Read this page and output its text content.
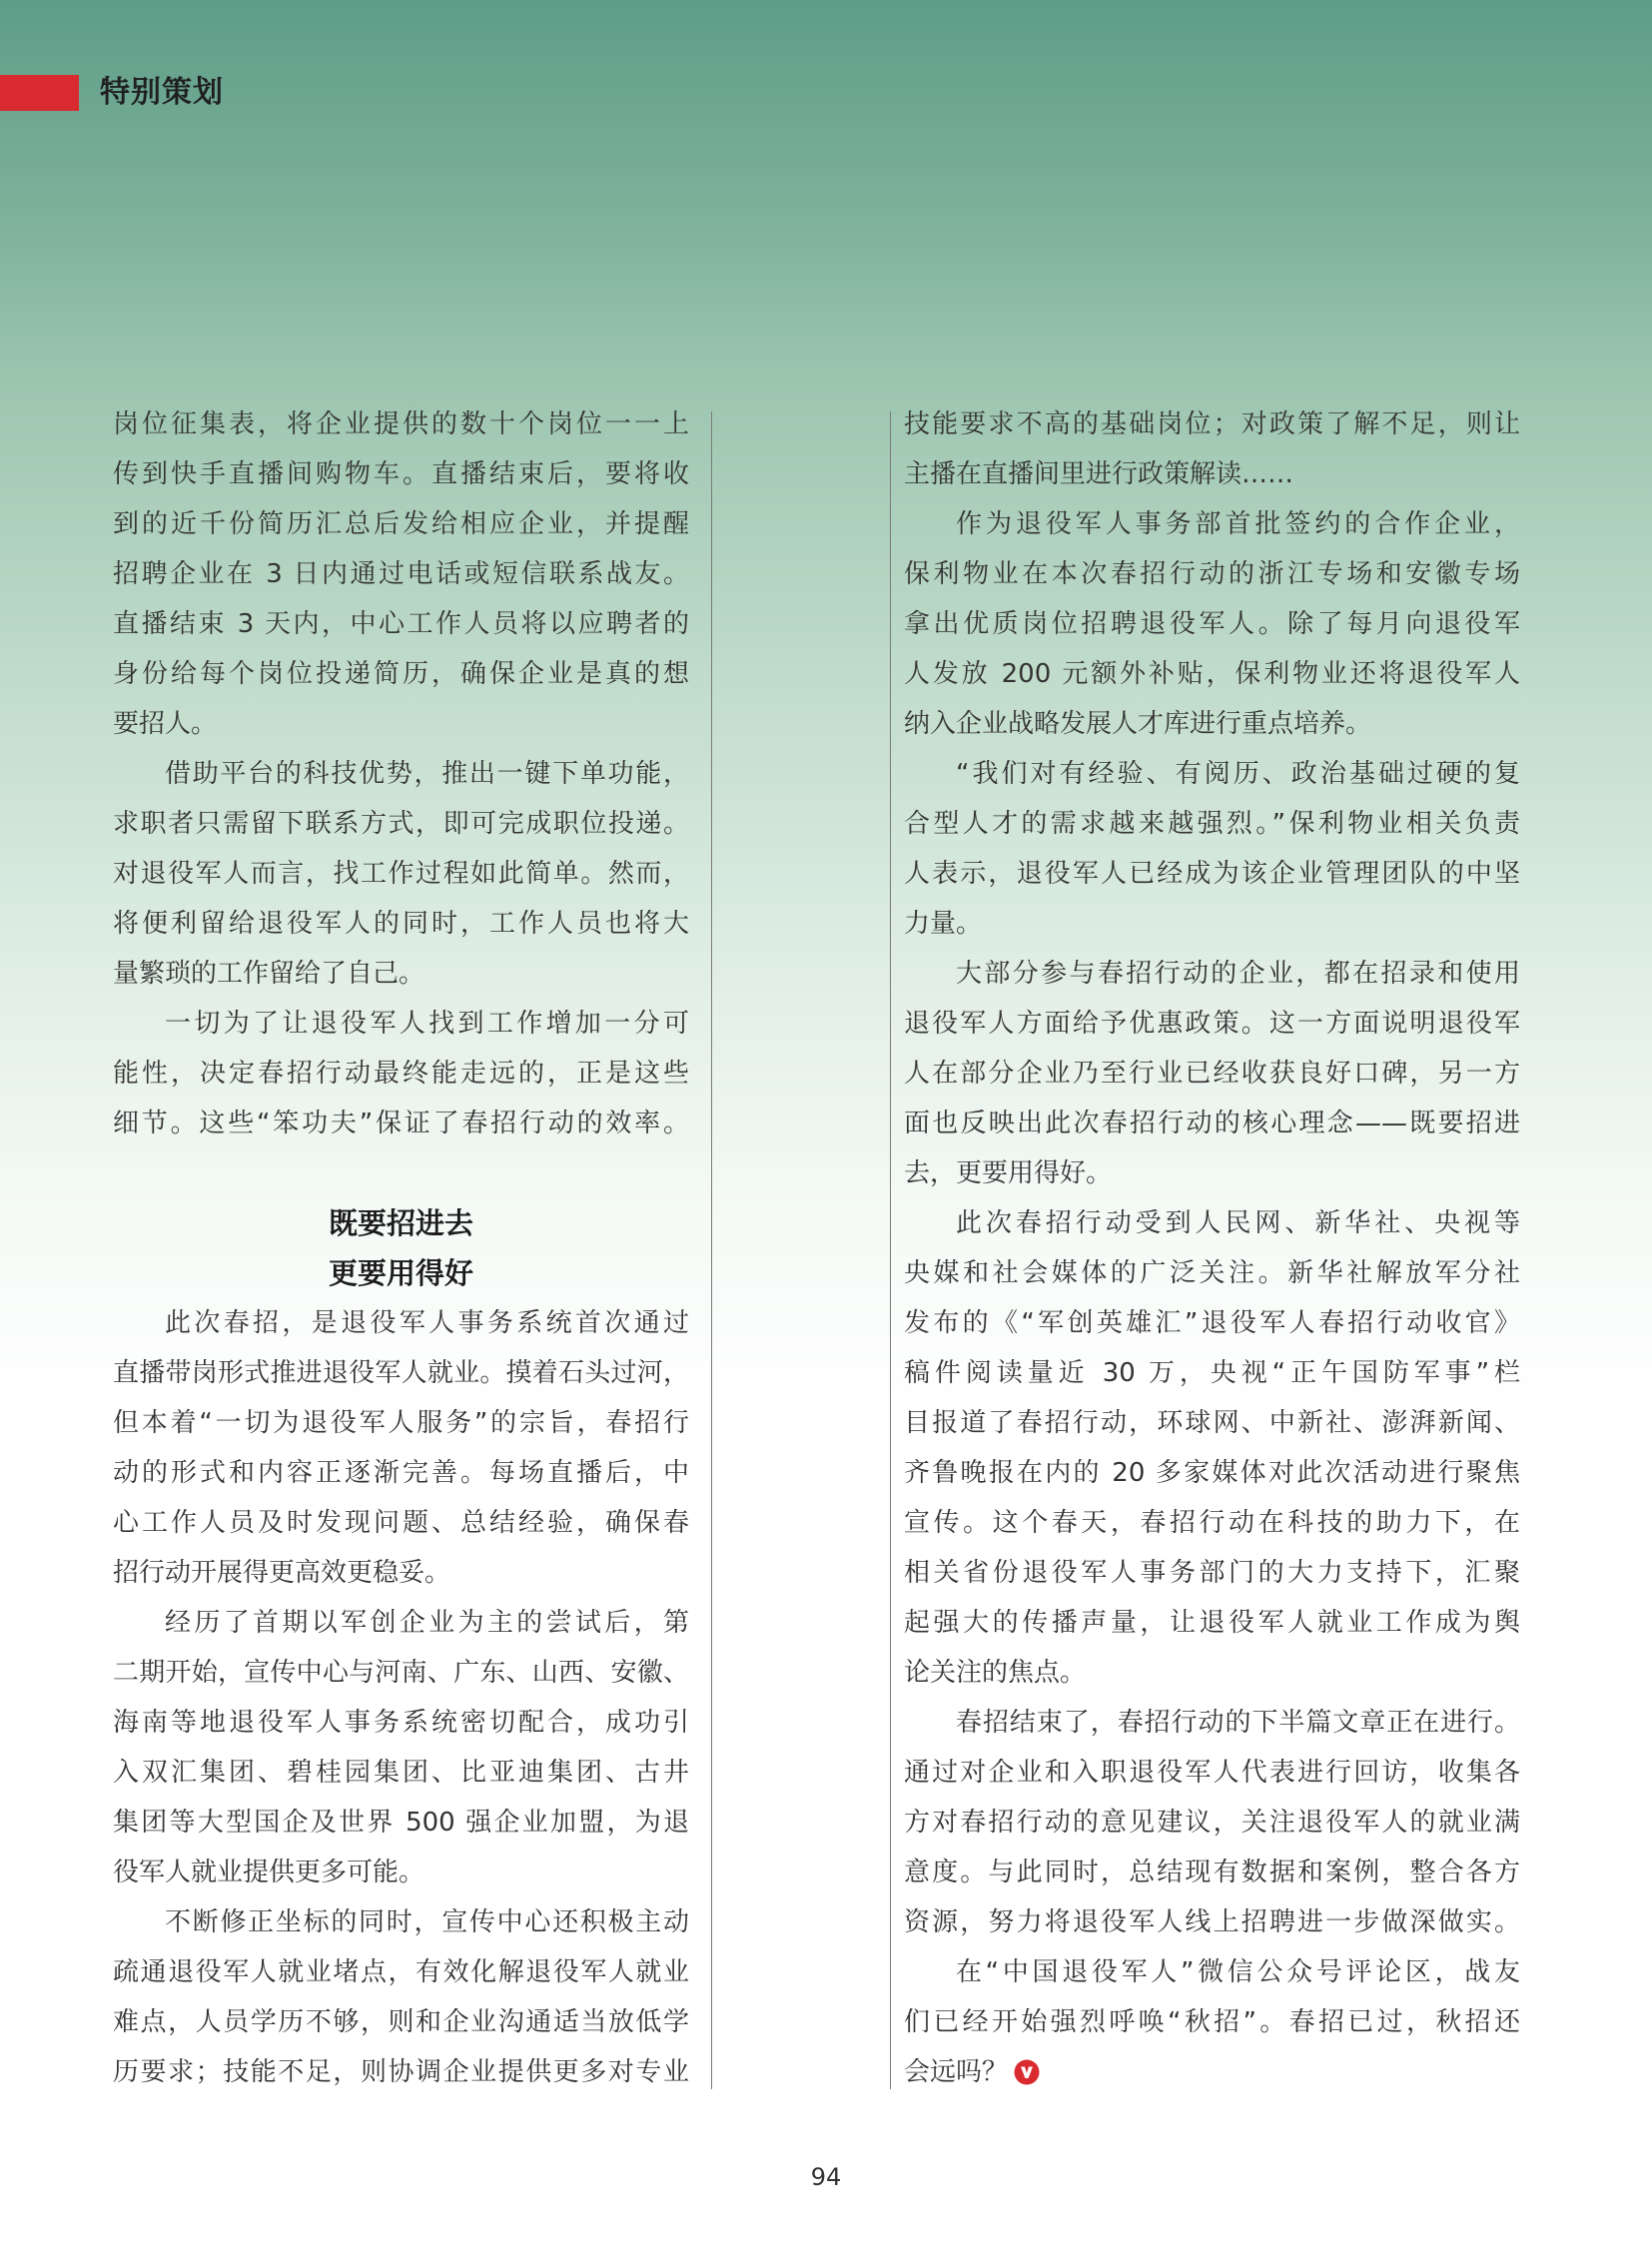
特别策划
岗位征集表，将企业提供的数十个岗位一一上
传到快手直播间购物车。直播结束后，要将收
到的近千份简历汇总后发给相应企业，并提醒
招聘企业在 3 日内通过电话或短信联系战友。
直播结束 3 天内，中心工作人员将以应聘者的
身份给每个岗位投递简历，确保企业是真的想
要招人。
借助平台的科技优势，推出一键下单功能，
求职者只需留下联系方式，即可完成职位投递。
对退役军人而言，找工作过程如此简单。然而，
将便利留给退役军人的同时，工作人员也将大
量繁琐的工作留给了自己。
一切为了让退役军人找到工作增加一分可
能性，决定春招行动最终能走远的，正是这些
细节。这些“笨功夫”保证了春招行动的效率。
既要招进去
更要用得好
此次春招，是退役军人事务系统首次通过
直播带岗形式推进退役军人就业。摸着石头过河，
但本着“一切为退役军人服务”的宗旨，春招行
动的形式和内容正逐渐完善。每场直播后，中
心工作人员及时发现问题、总结经验，确保春
招行动开展得更高效更稳妥。
经历了首期以军创企业为主的尝试后，第
二期开始，宣传中心与河南、广东、山西、安徽、
海南等地退役军人事务系统密切配合，成功引
入双汇集团、碧桂园集团、比亚迪集团、古井
集团等大型国企及世界 500 强企业加盟，为退
役军人就业提供更多可能。
不断修正坐标的同时，宣传中心还积极主动
疏通退役军人就业堵点，有效化解退役军人就业
难点，人员学历不够，则和企业沟通适当放低学
历要求；技能不足，则协调企业提供更多对专业
技能要求不高的基础岗位；对政策了解不足，则让
主播在直播间里进行政策解读……
作为退役军人事务部首批签约的合作企业，
保利物业在本次春招行动的浙江专场和安徽专场
拿出优质岗位招聘退役军人。除了每月向退役军
人发放 200 元额外补贴，保利物业还将退役军人
纳入企业战略发展人才库进行重点培养。
“我们对有经验、有阅历、政治基础过硬的复
合型人才的需求越来越强烈。”保利物业相关负责
人表示，退役军人已经成为该企业管理团队的中坚
力量。
大部分参与春招行动的企业，都在招录和使用
退役军人方面给予优惠政策。这一方面说明退役军
人在部分企业乃至行业已经收获良好口碑，另一方
面也反映出此次春招行动的核心理念——既要招进
去，更要用得好。
此次春招行动受到人民网、新华社、央视等
央媒和社会媒体的广泛关注。新华社解放军分社
发布的《“军创英雄汇”退役军人春招行动收官》
稿件阅读量近 30 万，央视“正午国防军事”栏
目报道了春招行动，环球网、中新社、澎湃新闻、
齐鲁晚报在内的 20 多家媒体对此次活动进行聚焦
宣传。这个春天，春招行动在科技的助力下，在
相关省份退役军人事务部门的大力支持下，汇聚
起强大的传播声量，让退役军人就业工作成为舆
论关注的焦点。
春招结束了，春招行动的下半篇文章正在进行。
通过对企业和入职退役军人代表进行回访，收集各
方对春招行动的意见建议，关注退役军人的就业满
意度。与此同时，总结现有数据和案例，整合各方
资源，努力将退役军人线上招聘进一步做深做实。
在“中国退役军人”微信公众号评论区，战友
们已经开始强烈呼唤“秋招”。春招已过，秋招还
会远吗？
94
